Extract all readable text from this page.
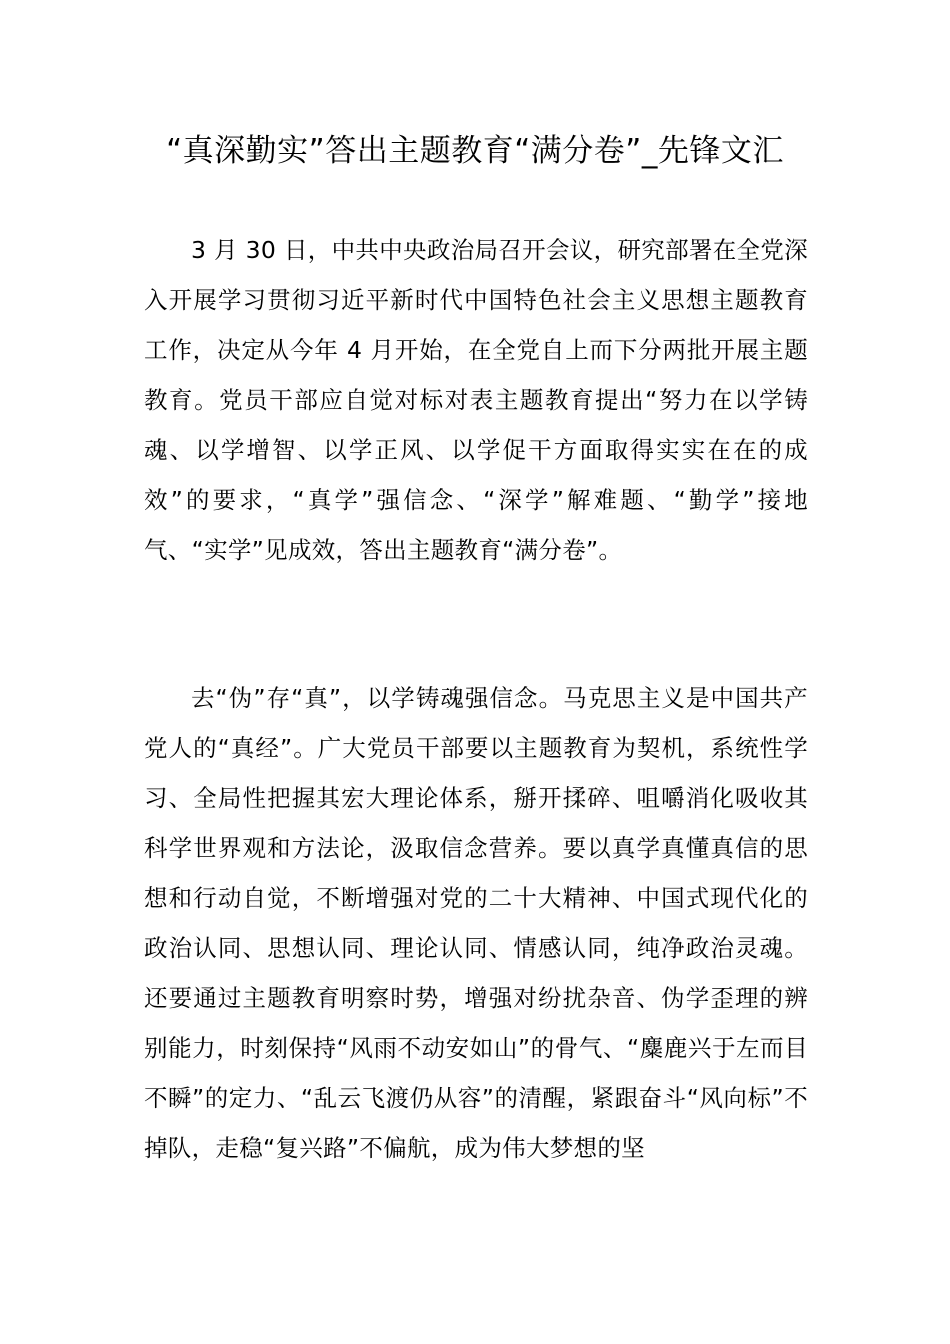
“真深勤实”答出主题教育“满分卷”_先锋文汇

3 月 30 日，中共中央政治局召开会议，研究部署在全党深入开展学习贯彻习近平新时代中国特色社会主义思想主题教育工作，决定从今年 4 月开始，在全党自上而下分两批开展主题教育。党员干部应自觉对标对表主题教育提出“努力在以学铸魂、以学增智、以学正风、以学促干方面取得实实在在的成效”的要求，“真学”强信念、“深学”解难题、“勤学”接地气、“实学”见成效，答出主题教育“满分卷”。

去“伪”存“真”，以学铸魂强信念。马克思主义是中国共产党人的“真经”。广大党员干部要以主题教育为契机，系统性学习、全局性把握其宏大理论体系，掰开揉碎、咀嚼消化吸收其科学世界观和方法论，汲取信念营养。要以真学真懂真信的思想和行动自觉，不断增强对党的二十大精神、中国式现代化的政治认同、思想认同、理论认同、情感认同，纯净政治灵魂。还要通过主题教育明察时势，增强对纷扰杂音、伪学歪理的辨别能力，时刻保持“风雨不动安如山”的骨气、“麋鹿兴于左而目不瞬”的定力、“乱云飞渡仍从容”的清醒，紧跟奋斗“风向标”不掉队，走稳“复兴路”不偏航，成为伟大梦想的坚
